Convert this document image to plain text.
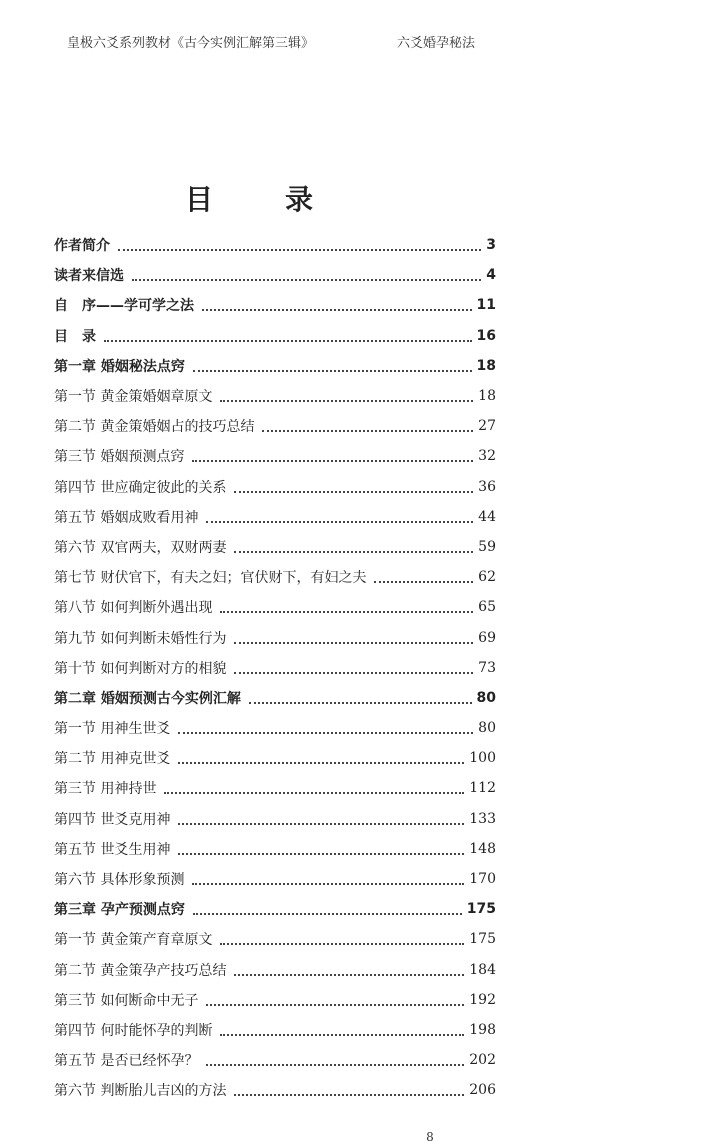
皇极六爻系列教材《古今实例汇解第三辑》	六爻婚孕秘法
目	录
作者简介	3
读者来信选	4
自　序——学可学之法	11
目　录	16
第一章 婚姻秘法点窍	18
第一节 黄金策婚姻章原文	18
第二节 黄金策婚姻占的技巧总结	27
第三节 婚姻预测点窍	32
第四节 世应确定彼此的关系	36
第五节 婚姻成败看用神	44
第六节 双官两夫，双财两妻	59
第七节 财伏官下，有夫之妇；官伏财下，有妇之夫	62
第八节 如何判断外遇出现	65
第九节 如何判断未婚性行为	69
第十节 如何判断对方的相貌	73
第二章 婚姻预测古今实例汇解	80
第一节 用神生世爻	80
第二节 用神克世爻	100
第三节 用神持世	112
第四节 世爻克用神	133
第五节 世爻生用神	148
第六节 具体形象预测	170
第三章 孕产预测点窍	175
第一节 黄金策产育章原文	175
第二节 黄金策孕产技巧总结	184
第三节 如何断命中无子	192
第四节 何时能怀孕的判断	198
第五节 是否已经怀孕？	202
第六节 判断胎儿吉凶的方法	206
8
